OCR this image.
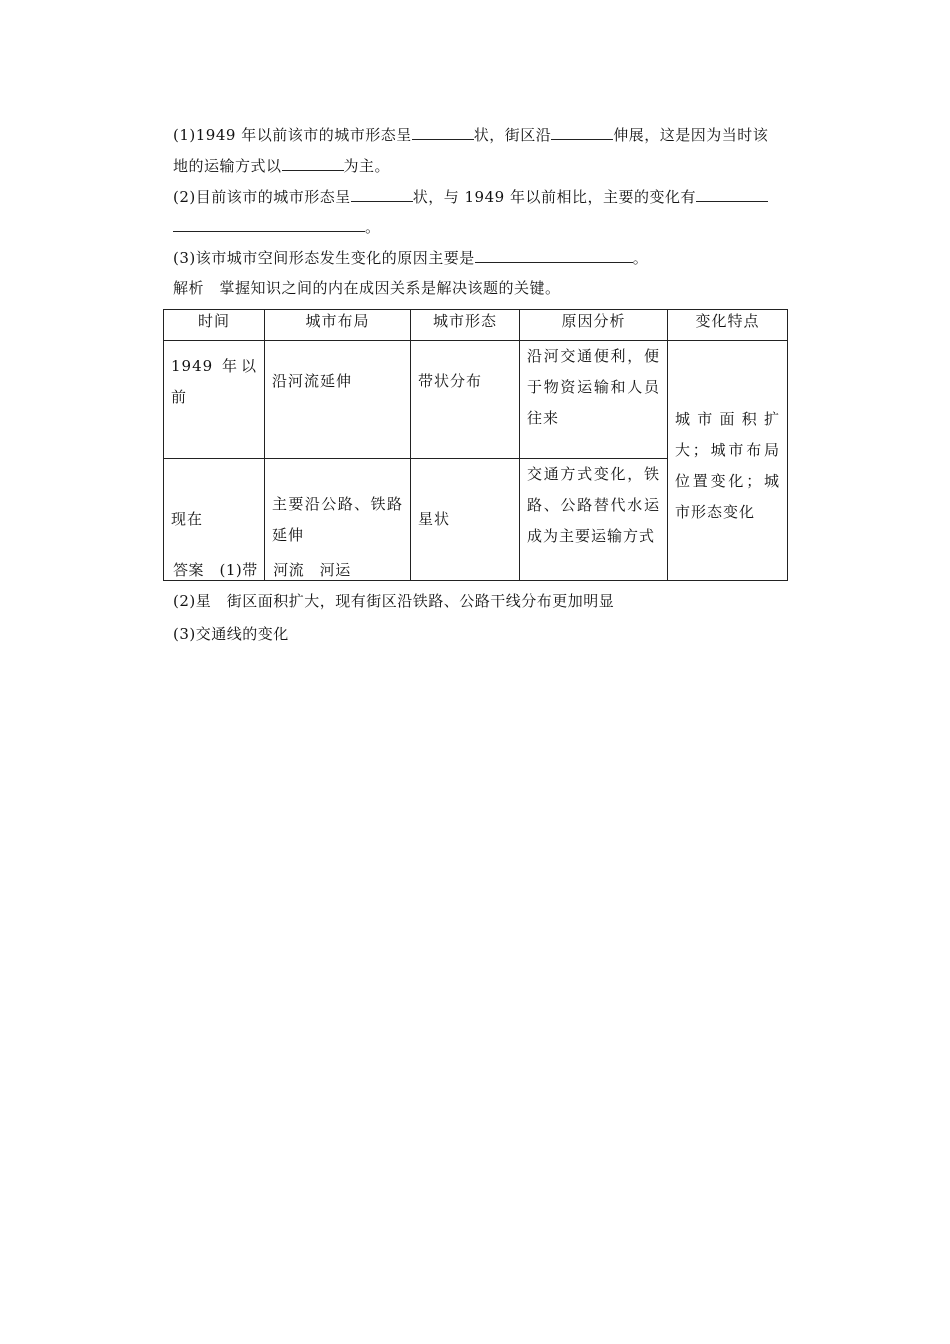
(1)1949 年以前该市的城市形态呈	状，街区沿	伸展，这是因为当时该
地的运输方式以	为主。
(2)目前该市的城市形态呈	状，与 1949 年以前相比，主要的变化有
。
(3)该市城市空间形态发生变化的原因主要是	。
解析　 掌握知识之间的内在成因关系是解决该题的关键。
时间	城市布局	城市形态	原因分析	变化特点
1949 年以前	沿河流延伸	带状分布	沿河交通便利，便于物资运输和人员往来	城市面积扩大；城市布局位置变化；城市形态变化
现在	主要沿公路、铁路延伸	星状	交通方式变化，铁路、公路替代水运成为主要运输方式	
答案　 (1)带　河流　河运
(2)星　街区面积扩大，现有街区沿铁路、公路干线分布更加明显
(3)交通线的变化
